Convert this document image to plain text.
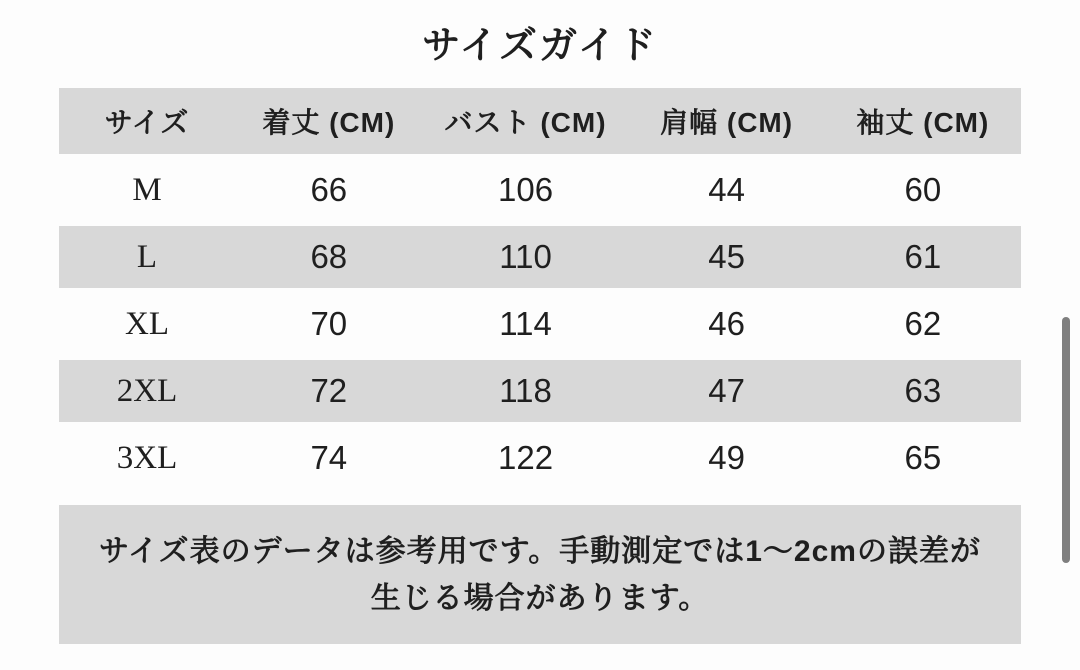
サイズガイド
サイズ	着丈 (CM)	バスト (CM)	肩幅 (CM)	袖丈 (CM)
M	66	106	44	60
L	68	110	45	61
XL	70	114	46	62
2XL	72	118	47	63
3XL	74	122	49	65
サイズ表のデータは参考用です。手動測定では1〜2cmの誤差が生じる場合があります。
